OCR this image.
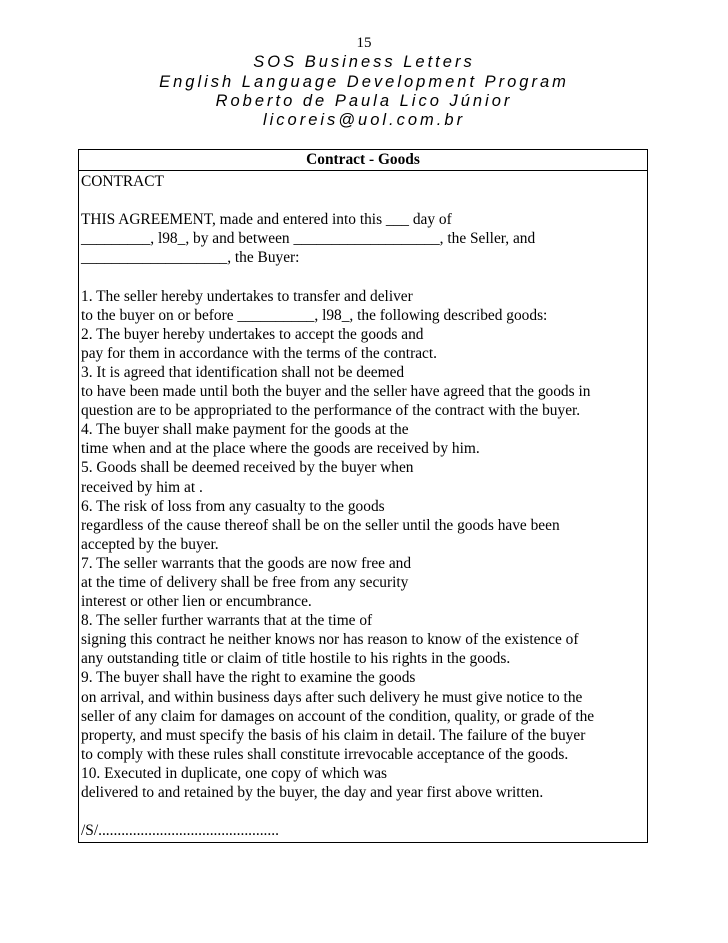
15
SOS Business Letters
English Language Development Program
Roberto de Paula Lico Júnior
licoreis@uol.com.br
Contract - Goods
CONTRACT
THIS AGREEMENT, made and entered into this ___ day of
_________, l98_, by and between ___________________, the Seller, and
___________________, the Buyer:
1. The seller hereby undertakes to transfer and deliver
to the buyer on or before __________, l98_, the following described goods:
2. The buyer hereby undertakes to accept the goods and
pay for them in accordance with the terms of the contract.
3. It is agreed that identification shall not be deemed
to have been made until both the buyer and the seller have agreed that the goods in
question are to be appropriated to the performance of the contract with the buyer.
4. The buyer shall make payment for the goods at the
time when and at the place where the goods are received by him.
5. Goods shall be deemed received by the buyer when
received by him at .
6. The risk of loss from any casualty to the goods
regardless of the cause thereof shall be on the seller until the goods have been
accepted by the buyer.
7. The seller warrants that the goods are now free and
at the time of delivery shall be free from any security
interest or other lien or encumbrance.
8. The seller further warrants that at the time of
signing this contract he neither knows nor has reason to know of the existence of
any outstanding title or claim of title hostile to his rights in the goods.
9. The buyer shall have the right to examine the goods
on arrival, and within business days after such delivery he must give notice to the
seller of any claim for damages on account of the condition, quality, or grade of the
property, and must specify the basis of his claim in detail. The failure of the buyer
to comply with these rules shall constitute irrevocable acceptance of the goods.
10. Executed in duplicate, one copy of which was
delivered to and retained by the buyer, the day and year first above written.
/S/...............................................
